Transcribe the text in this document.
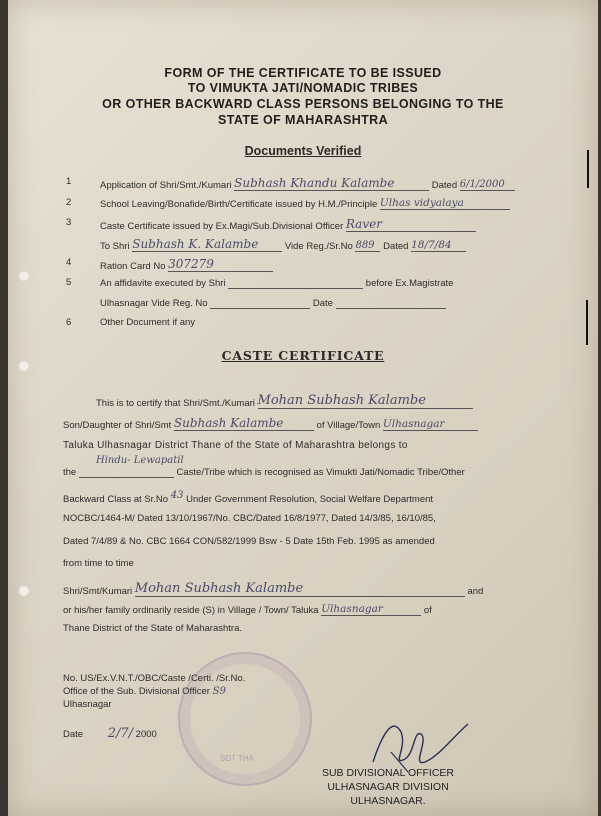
FORM OF THE CERTIFICATE TO BE ISSUED
TO VIMUKTA JATI/NOMADIC TRIBES
OR OTHER BACKWARD CLASS PERSONS BELONGING TO THE
STATE OF MAHARASHTRA
Documents Verified
1	Application of Shri/Smt./Kumari Subhash Khandu Kalambe	Dated 6/1/2000
2	School Leaving/Bonafide/Birth/Certificate issued by H.M./Principle Ulhas vidyalaya
3	Caste Certificate issued by Ex.Magi/Sub.Divisional Officer Raver
To Shri Subhash K. Kalambe	Vide Reg./Sr.No 889 Dated 18/7/84
4	Ration Card No 307279
5	An affidavite executed by Shri	before Ex.Magistrate
Ulhasnagar Vide Reg. No	Date
6	Other Document if any
CASTE CERTIFICATE
This is to certify that Shri/Smt./Kumari Mohan Subhash Kalambe
Son/Daughter of Shri/Smt Subhash Kalambe	of Village/Town Ulhasnagar
Taluka Ulhasnagar District Thane of the State of Maharashtra belongs to
Hindu- Lewapatil
the	Caste/Tribe which is recognised as Vimukti Jati/Nomadic Tribe/Other
Backward Class at Sr.No 43 Under Government Resolution, Social Welfare Department
NOCBC/1464-M/ Dated 13/10/1967/No. CBC/Dated 16/8/1977, Dated 14/3/85, 16/10/85,
Dated 7/4/89 & No. CBC 1664 CON/582/1999 Bsw - 5 Date 15th Feb. 1995 as amended
from time to time
Shri/Smt/Kumari Mohan Subhash Kalambe	and
or his/her family ordinarily reside (S) in Village / Town/ Taluka Ulhasnagar	of
Thane District of the State of Maharashtra.
SDT THA
No. US/Ex.V.N.T./OBC/Caste /Certi. /Sr.No.
Office of the Sub. Divisional Officer S9
Ulhasnagar
Date 2/7/ 2000
SUB DIVISIONAL OFFICER
ULHASNAGAR DIVISION
ULHASNAGAR.
